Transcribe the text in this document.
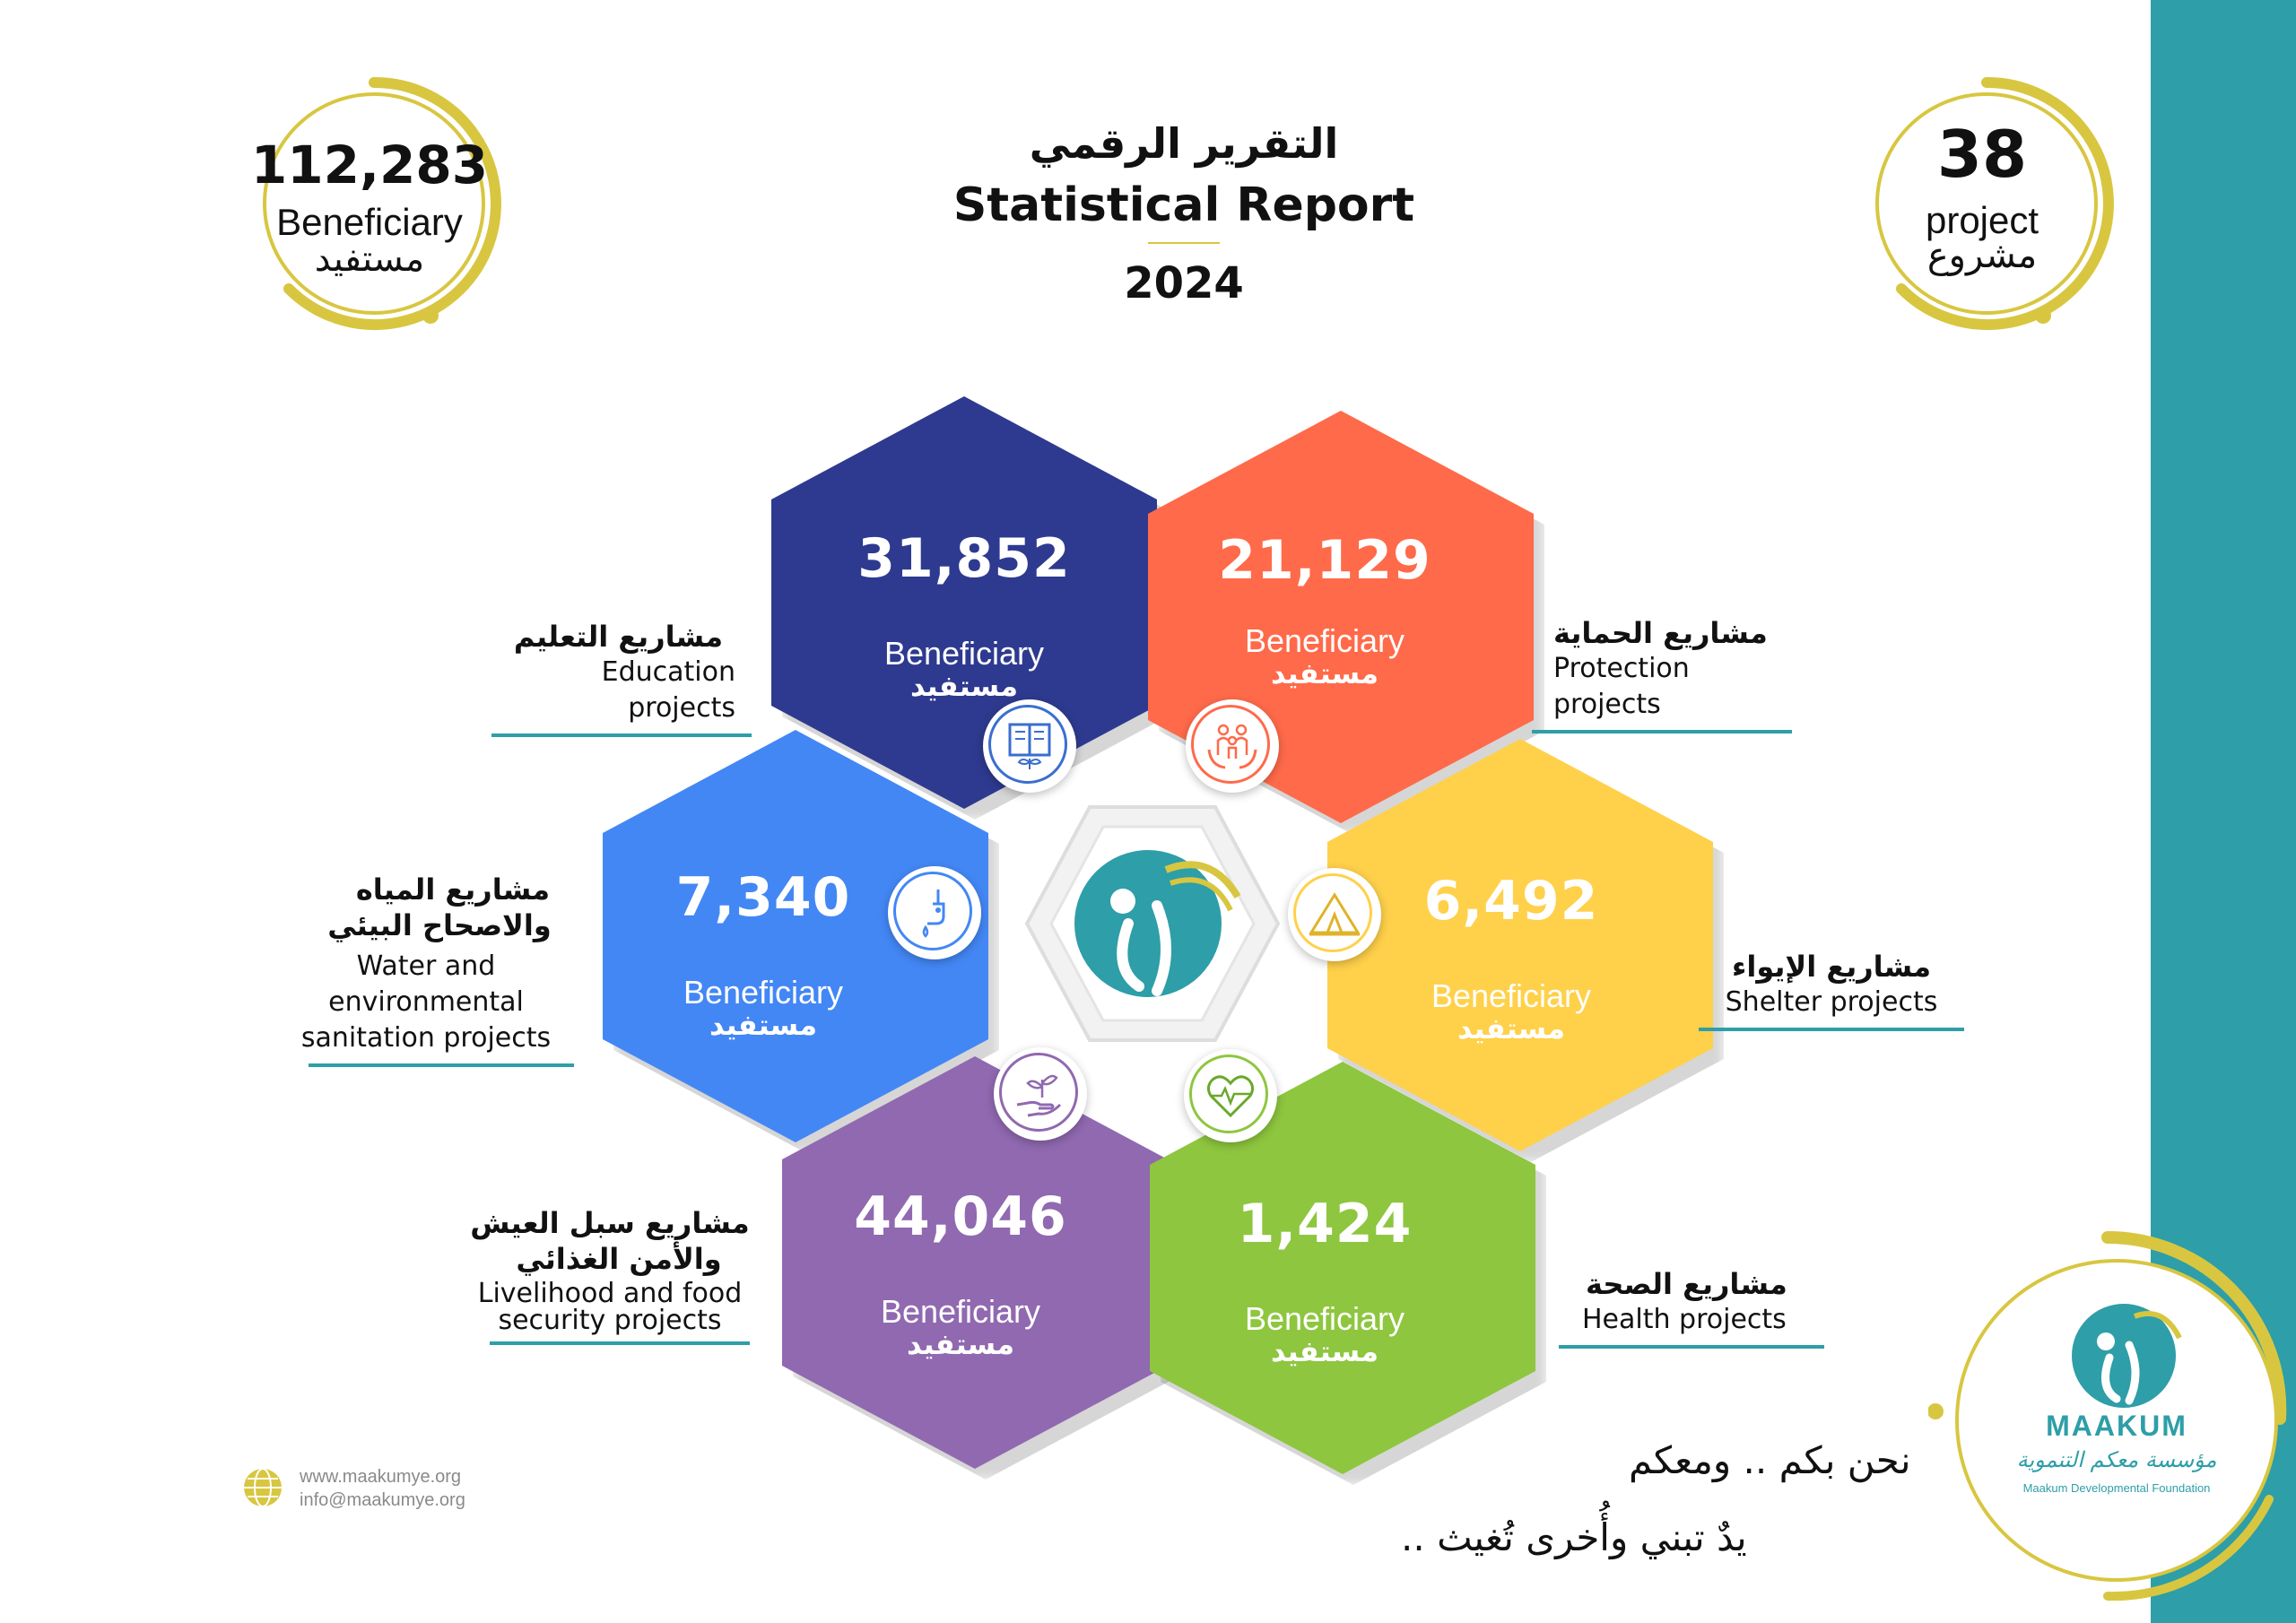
التقرير الرقمي
Statistical Report
2024
112,283
Beneficiary
مستفيد
38
project
مشروع
31,852
Beneficiary
مستفيد
21,129
Beneficiary
مستفيد
7,340
Beneficiary
مستفيد
6,492
Beneficiary
مستفيد
44,046
Beneficiary
مستفيد
1,424
Beneficiary
مستفيد
مشاريع التعليم
Education projects
مشاريع الحماية
Protection projects
مشاريع المياه
والاصحاح البيئي
Water and environmental
sanitation projects
مشاريع الإيواء
Shelter projects
مشاريع سبل العيش
والأمن الغذائي
Livelihood and food
security projects
مشاريع الصحة
Health projects
www.maakumye.org
info@maakumye.org
نحن بكم .. ومعكم
.. يدٌ تبني وأُخرى تُغيث
MAAKUM
مؤسسة معكم التنموية
Maakum Developmental Foundation
